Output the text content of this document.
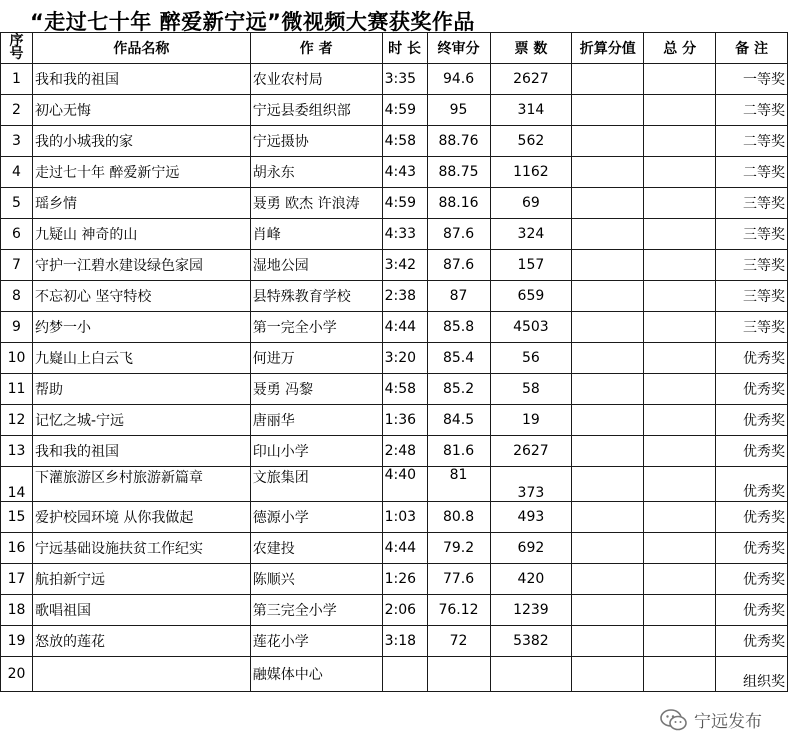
“走过七十年 醉爱新宁远”微视频大赛获奖作品
序号	作品名称	作 者	时 长	终审分	票 数	折算分值	总 分	备 注
1	我和我的祖国	农业农村局	3:35	94.6	2627			一等奖
2	初心无悔	宁远县委组织部	4:59	95	314			二等奖
3	我的小城我的家	宁远摄协	4:58	88.76	562			二等奖
4	走过七十年 醉爱新宁远	胡永东	4:43	88.75	1162			二等奖
5	瑶乡情	聂勇 欧杰 许浪涛	4:59	88.16	69			三等奖
6	九疑山 神奇的山	肖峰	4:33	87.6	324			三等奖
7	守护一江碧水建设绿色家园	湿地公园	3:42	87.6	157			三等奖
8	不忘初心 坚守特校	县特殊教育学校	2:38	87	659			三等奖
9	约梦一小	第一完全小学	4:44	85.8	4503			三等奖
10	九嶷山上白云飞	何进万	3:20	85.4	56			优秀奖
11	帮助	聂勇 冯黎	4:58	85.2	58			优秀奖
12	记忆之城-宁远	唐丽华	1:36	84.5	19			优秀奖
13	我和我的祖国	印山小学	2:48	81.6	2627			优秀奖
14	下灌旅游区乡村旅游新篇章	文旅集团	4:40	81	373			优秀奖
15	爱护校园环境 从你我做起	德源小学	1:03	80.8	493			优秀奖
16	宁远基础设施扶贫工作纪实	农建投	4:44	79.2	692			优秀奖
17	航拍新宁远	陈顺兴	1:26	77.6	420			优秀奖
18	歌唱祖国	第三完全小学	2:06	76.12	1239			优秀奖
19	怒放的莲花	莲花小学	3:18	72	5382			优秀奖
20		融媒体中心						组织奖
宁远发布
